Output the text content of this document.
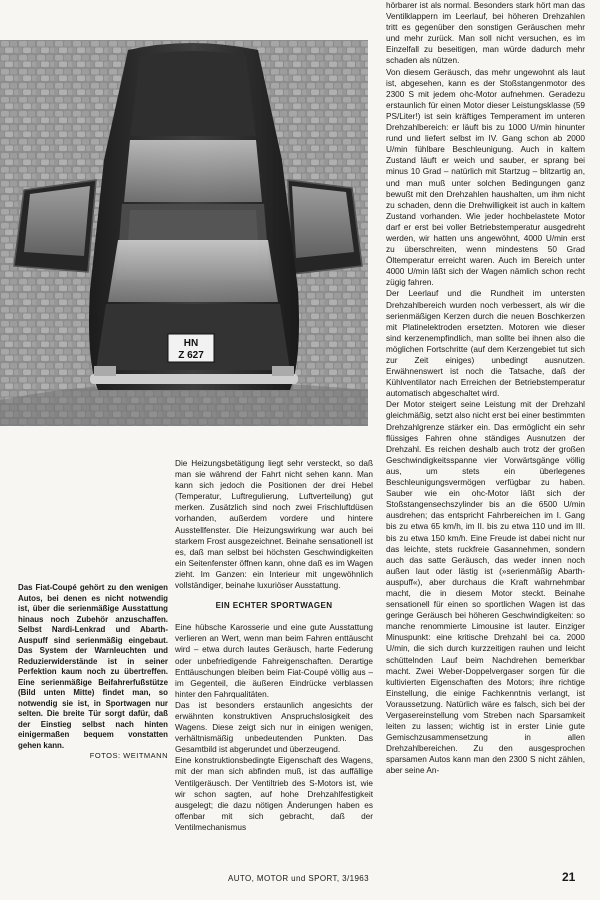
HN
Z 627

Das Fiat-Coupé gehört zu den wenigen Autos, bei denen es nicht notwendig ist, über die serienmäßige Ausstattung hinaus noch Zubehör anzuschaffen. Selbst Nardi-Lenkrad und Abarth-Auspuff sind serienmäßig eingebaut. Das System der Warnleuchten und Reduzierwiderstände ist in seiner Perfektion kaum noch zu übertreffen. Eine serienmäßige Beifahrerfußstütze (Bild unten Mitte) findet man, so notwendig sie ist, in Sportwagen nur selten. Die breite Tür sorgt dafür, daß der Einstieg selbst nach hinten einigermaßen bequem vonstatten gehen kann.

FOTOS: WEITMANN

Die Heizungsbetätigung liegt sehr versteckt, so daß man sie während der Fahrt nicht sehen kann. Man kann sich jedoch die Positionen der drei Hebel (Temperatur, Luftregulierung, Luftverteilung) gut merken. Zusätzlich sind noch zwei Frischluftdüsen vorhanden, außerdem vordere und hintere Ausstellfenster. Die Heizungswirkung war auch bei starkem Frost ausgezeichnet. Beinahe sensationell ist es, daß man selbst bei höchsten Geschwindigkeiten ein Seitenfenster öffnen kann, ohne daß es im Wagen zieht. Im Ganzen: ein Interieur mit ungewöhnlich vollständiger, beinahe luxuriöser Ausstattung.

EIN ECHTER SPORTWAGEN

Eine hübsche Karosserie und eine gute Ausstattung verlieren an Wert, wenn man beim Fahren enttäuscht wird – etwa durch lautes Geräusch, harte Federung oder unbefriedigende Fahreigenschaften. Derartige Enttäuschungen bleiben beim Fiat-Coupé völlig aus – im Gegenteil, die äußeren Eindrücke verblassen hinter den Fahrqualitäten.

Das ist besonders erstaunlich angesichts der erwähnten konstruktiven Anspruchslosigkeit des Wagens. Diese zeigt sich nur in einigen wenigen, verhältnismäßig unbedeutenden Punkten. Das Gesamtbild ist abgerundet und überzeugend.

Eine konstruktionsbedingte Eigenschaft des Wagens, mit der man sich abfinden muß, ist das auffällige Ventilgeräusch. Der Ventiltrieb des S-Motors ist, wie wir schon sagten, auf hohe Drehzahlfestigkeit ausgelegt; die dazu nötigen Änderungen haben es offenbar mit sich gebracht, daß der Ventilmechanismus

hörbarer ist als normal. Besonders stark hört man das Ventilklappern im Leerlauf, bei höheren Drehzahlen tritt es gegenüber den sonstigen Geräuschen mehr und mehr zurück. Man soll nicht versuchen, es im Einzelfall zu beseitigen, man würde dadurch mehr schaden als nützen.

Von diesem Geräusch, das mehr ungewohnt als laut ist, abgesehen, kann es der Stoßstangenmotor des 2300 S mit jedem ohc-Motor aufnehmen. Geradezu erstaunlich für einen Motor dieser Leistungsklasse (59 PS/Liter!) ist sein kräftiges Temperament im unteren Drehzahlbereich: er läuft bis zu 1000 U/min hinunter rund und liefert selbst im IV. Gang schon ab 2000 U/min fühlbare Beschleunigung. Auch in kaltem Zustand läuft er weich und sauber, er sprang bei minus 10 Grad – natürlich mit Startzug – blitzartig an, und man muß unter solchen Bedingungen ganz bewußt mit den Drehzahlen haushalten, um ihm nicht zu schaden, denn die Drehwilligkeit ist auch in kaltem Zustand vorhanden. Wie jeder hochbelastete Motor darf er erst bei voller Betriebstemperatur ausgedreht werden, wir hatten uns angewöhnt, 4000 U/min erst zu überschreiten, wenn mindestens 50 Grad Öltemperatur erreicht waren. Auch im Bereich unter 4000 U/min läßt sich der Wagen nämlich schon recht zügig fahren.

Der Leerlauf und die Rundheit im untersten Drehzahlbereich wurden noch verbessert, als wir die serienmäßigen Kerzen durch die neuen Boschkerzen mit Platinelektroden ersetzten. Motoren wie dieser sind kerzenempfindlich, man sollte bei ihnen also die möglichen Fortschritte (auf dem Kerzengebiet tut sich zur Zeit einiges) unbedingt ausnutzen. Erwähnenswert ist noch die Tatsache, daß der Kühlventilator nach Erreichen der Betriebstemperatur automatisch abgeschaltet wird.

Der Motor steigert seine Leistung mit der Drehzahl gleichmäßig, setzt also nicht erst bei einer bestimmten Drehzahlgrenze stärker ein. Das ermöglicht ein sehr flüssiges Fahren ohne ständiges Ausnutzen der Drehzahl. Es reichen deshalb auch trotz der großen Geschwindigkeitsspanne vier Vorwärtsgänge völlig aus, um stets ein überlegenes Beschleunigungsvermögen verfügbar zu haben. Sauber wie ein ohc-Motor läßt sich der Stoßstangensechszylinder bis an die 6500 U/min ausdrehen; das entspricht Fahrbereichen im I. Gang bis zu etwa 65 km/h, im II. bis zu etwa 110 und im III. bis zu etwa 150 km/h. Eine Freude ist dabei nicht nur das leichte, stets ruckfreie Gasannehmen, sondern auch das satte Geräusch, das weder innen noch außen laut oder lästig ist (»serienmäßig Abarth-auspuff«), aber durchaus die Kraft wahrnehmbar macht, die in diesem Motor steckt. Beinahe sensationell für einen so sportlichen Wagen ist das geringe Geräusch bei höheren Geschwindigkeiten: so manche renommierte Limousine ist lauter. Einziger Minuspunkt: eine kritische Drehzahl bei ca. 2000 U/min, die sich durch kurzzeitigen rauhen und leicht schüttelnden Lauf beim Nachdrehen bemerkbar macht. Zwei Weber-Doppelvergaser sorgen für die kultivierten Eigenschaften des Motors; ihre richtige Einstellung, die einige Fachkenntnis verlangt, ist Voraussetzung. Natürlich wäre es falsch, sich bei der Vergasereinstellung vom Streben nach Sparsamkeit leiten zu lassen; wichtig ist in erster Linie gute Gemischzusammensetzung in allen Drehzahlbereichen. Zu den ausgesprochen sparsamen Autos kann man den 2300 S nicht zählen, aber seine An-

AUTO, MOTOR und SPORT, 3/1963	21
